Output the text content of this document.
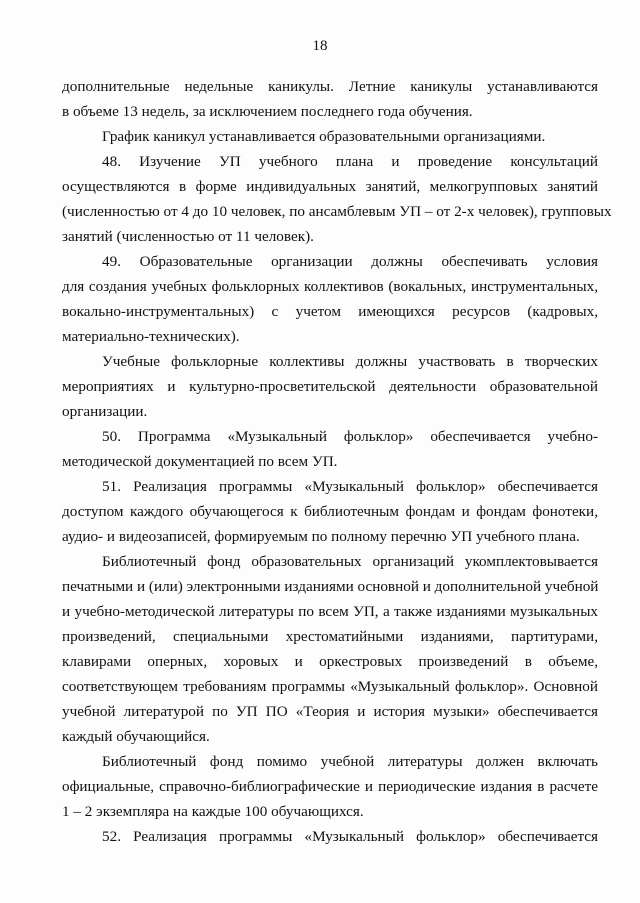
18
дополнительные недельные каникулы. Летние каникулы устанавливаются
в объеме 13 недель, за исключением последнего года обучения.
График каникул устанавливается образовательными организациями.
48. Изучение УП учебного плана и проведение консультаций
осуществляются в форме индивидуальных занятий, мелкогрупповых занятий
(численностью от 4 до 10 человек, по ансамблевым УП – от 2-х человек), групповых
занятий (численностью от 11 человек).
49. Образовательные организации должны обеспечивать условия
для создания учебных фольклорных коллективов (вокальных, инструментальных,
вокально-инструментальных) с учетом имеющихся ресурсов (кадровых,
материально-технических).
Учебные фольклорные коллективы должны участвовать в творческих
мероприятиях и культурно-просветительской деятельности образовательной
организации.
50. Программа «Музыкальный фольклор» обеспечивается учебно-
методической документацией по всем УП.
51. Реализация программы «Музыкальный фольклор» обеспечивается
доступом каждого обучающегося к библиотечным фондам и фондам фонотеки,
аудио- и видеозаписей, формируемым по полному перечню УП учебного плана.
Библиотечный фонд образовательных организаций укомплектовывается
печатными и (или) электронными изданиями основной и дополнительной учебной
и учебно-методической литературы по всем УП, а также изданиями музыкальных
произведений, специальными хрестоматийными изданиями, партитурами,
клавирами оперных, хоровых и оркестровых произведений в объеме,
соответствующем требованиям программы «Музыкальный фольклор». Основной
учебной литературой по УП ПО «Теория и история музыки» обеспечивается
каждый обучающийся.
Библиотечный фонд помимо учебной литературы должен включать
официальные, справочно-библиографические и периодические издания в расчете
1 – 2 экземпляра на каждые 100 обучающихся.
52. Реализация программы «Музыкальный фольклор» обеспечивается
